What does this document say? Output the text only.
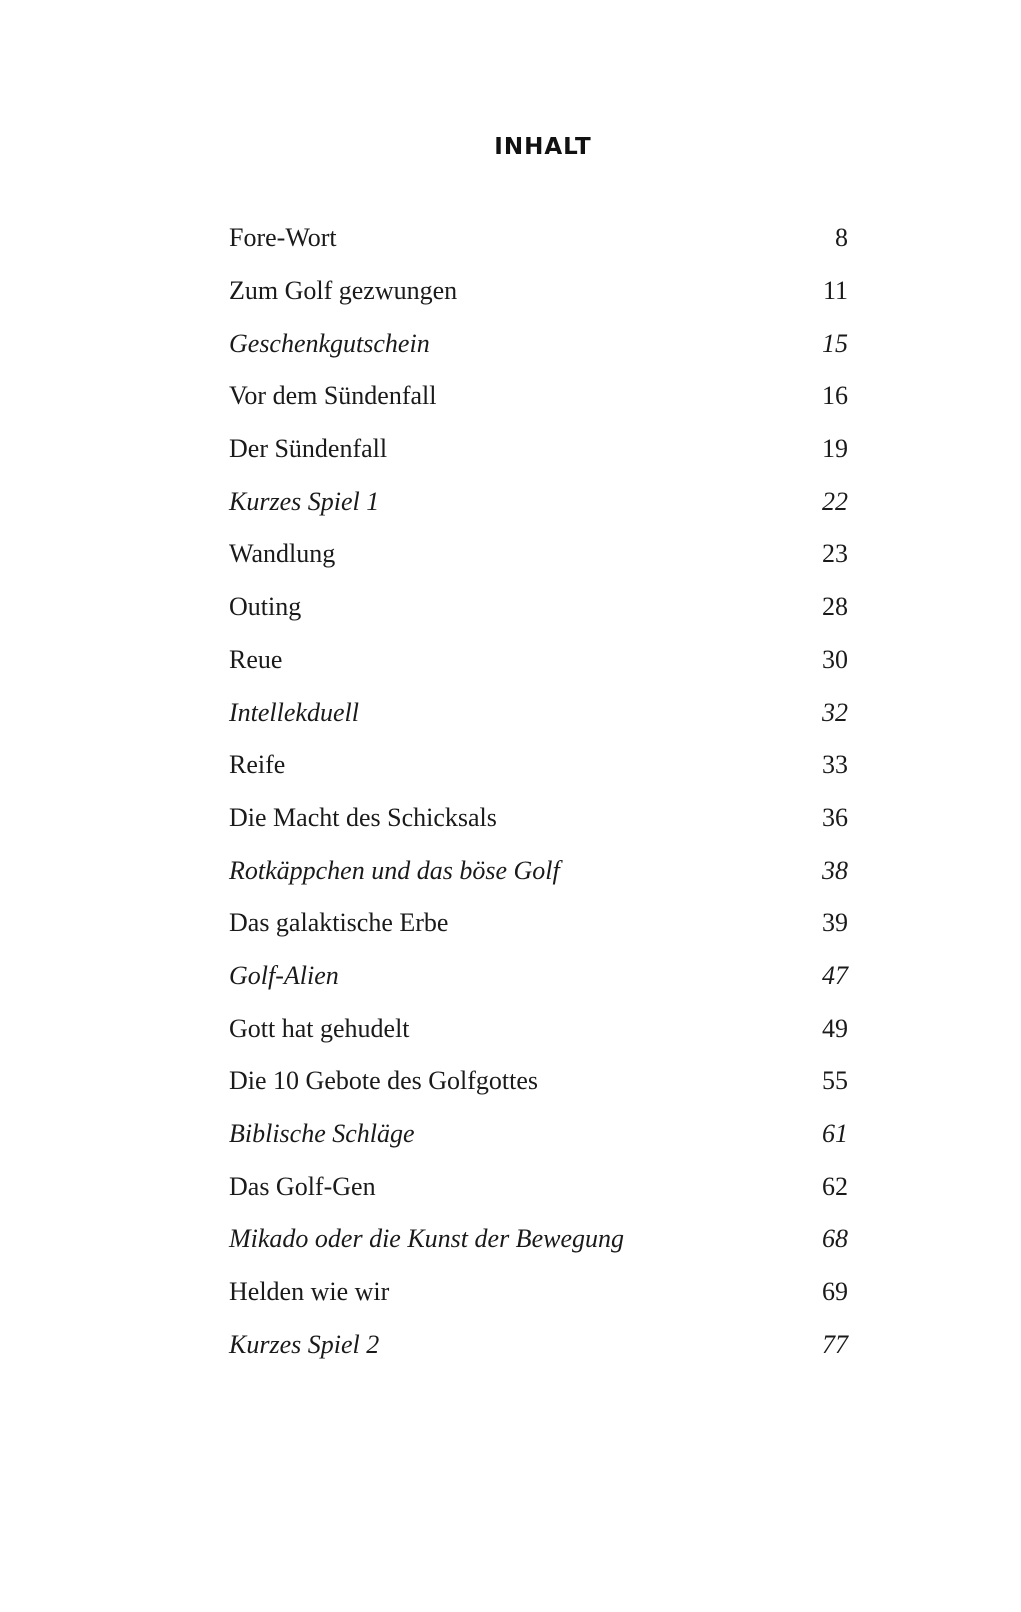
INHALT
Fore-Wort	8
Zum Golf gezwungen	11
Geschenkgutschein	15
Vor dem Sündenfall	16
Der Sündenfall	19
Kurzes Spiel 1	22
Wandlung	23
Outing	28
Reue	30
Intellekduell	32
Reife	33
Die Macht des Schicksals	36
Rotkäppchen und das böse Golf	38
Das galaktische Erbe	39
Golf-Alien	47
Gott hat gehudelt	49
Die 10 Gebote des Golfgottes	55
Biblische Schläge	61
Das Golf-Gen	62
Mikado oder die Kunst der Bewegung	68
Helden wie wir	69
Kurzes Spiel 2	77
